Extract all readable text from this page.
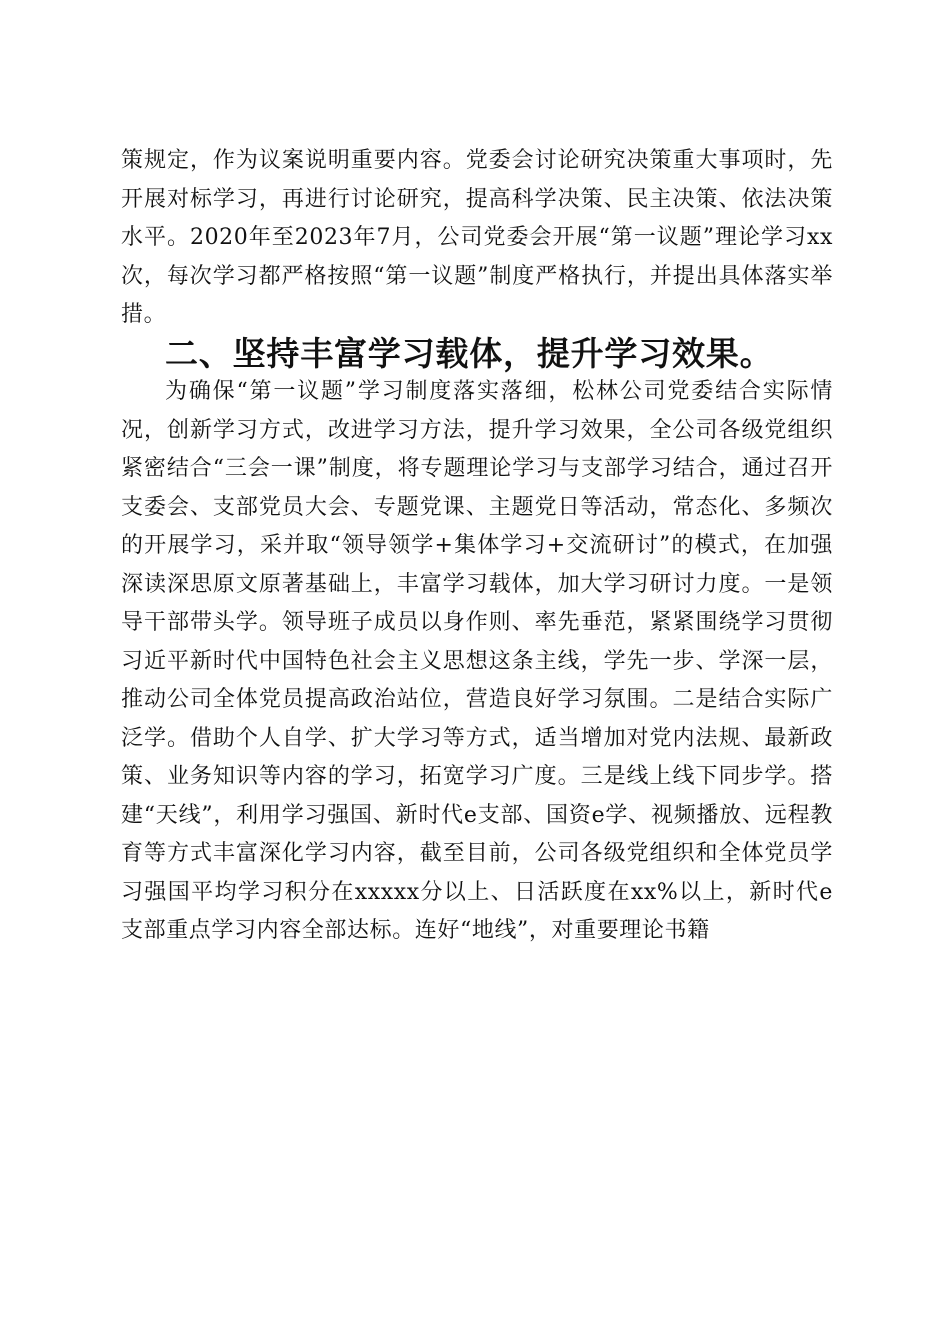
策规定，作为议案说明重要内容。党委会讨论研究决策重大事项时，先开展对标学习，再进行讨论研究，提高科学决策、民主决策、依法决策水平。2020年至2023年7月，公司党委会开展“第一议题”理论学习xx次，每次学习都严格按照“第一议题”制度严格执行，并提出具体落实举措。

二、坚持丰富学习载体，提升学习效果。

为确保“第一议题”学习制度落实落细，松林公司党委结合实际情况，创新学习方式，改进学习方法，提升学习效果，全公司各级党组织紧密结合“三会一课”制度，将专题理论学习与支部学习结合，通过召开支委会、支部党员大会、专题党课、主题党日等活动，常态化、多频次的开展学习，采并取“领导领学+集体学习+交流研讨”的模式，在加强深读深思原文原著基础上，丰富学习载体，加大学习研讨力度。一是领导干部带头学。领导班子成员以身作则、率先垂范，紧紧围绕学习贯彻习近平新时代中国特色社会主义思想这条主线，学先一步、学深一层，推动公司全体党员提高政治站位，营造良好学习氛围。二是结合实际广泛学。借助个人自学、扩大学习等方式，适当增加对党内法规、最新政策、业务知识等内容的学习，拓宽学习广度。三是线上线下同步学。搭建“天线”，利用学习强国、新时代e支部、国资e学、视频播放、远程教育等方式丰富深化学习内容，截至目前，公司各级党组织和全体党员学习强国平均学习积分在xxxxx分以上、日活跃度在xx%以上，新时代e支部重点学习内容全部达标。连好“地线”，对重要理论书籍
